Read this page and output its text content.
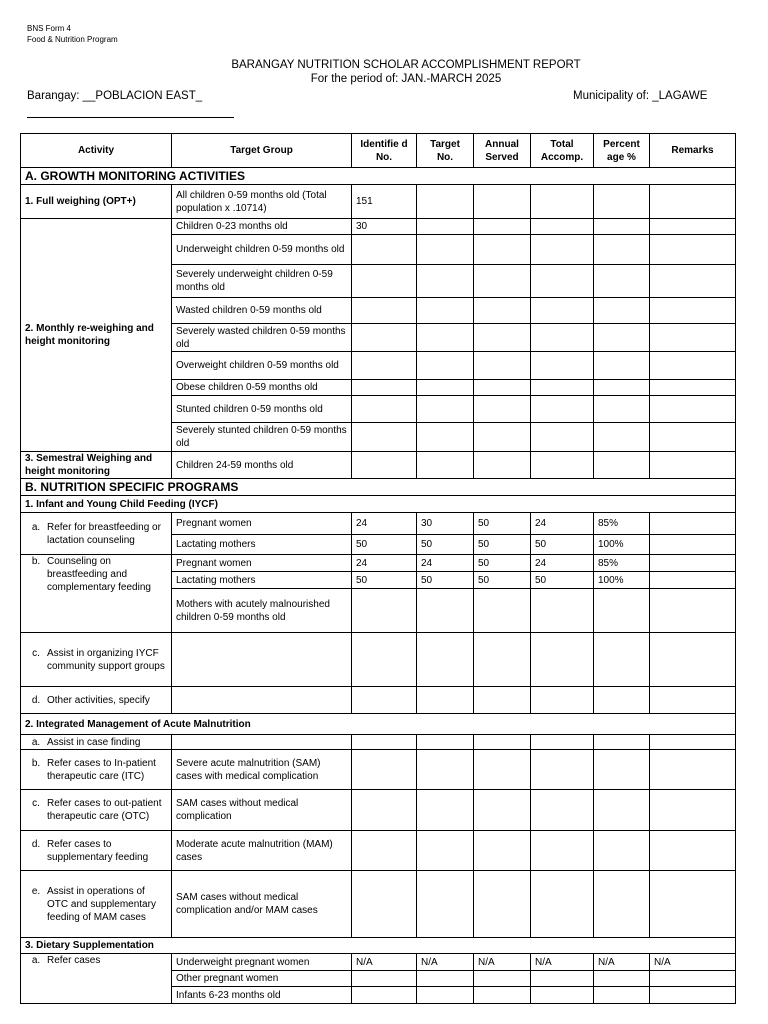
BNS Form 4
Food & Nutrition Program
BARANGAY NUTRITION SCHOLAR ACCOMPLISHMENT REPORT
For the period of: JAN.-MARCH 2025
Barangay: __POBLACION EAST_	Municipality of: _LAGAWE
Activity	Target Group	Identifie d No.	Target No.	Annual Served	Total Accomp.	Percent age %	Remarks
A. GROWTH MONITORING ACTIVITIES							
1. Full weighing (OPT+)	All children 0-59 months old (Total population x .10714)	151					
2. Monthly re-weighing and height monitoring	Children 0-23 months old	30					
	Underweight children 0-59 months old						
	Severely underweight children 0-59 months old						
	Wasted children 0-59 months old						
	Severely wasted children 0-59 months old						
	Overweight children 0-59 months old						
	Obese children 0-59 months old						
	Stunted children 0-59 months old						
	Severely stunted children 0-59 months old						
3. Semestral Weighing and height monitoring	Children 24-59 months old						
B. NUTRITION SPECIFIC PROGRAMS							
1. Infant and Young Child Feeding (IYCF)							

a. Refer for breastfeeding or lactation counseling	Pregnant women	24	30	50	24	85%	
	Lactating mothers	50	50	50	50	100%	

b. Counseling on breastfeeding and complementary feeding	Pregnant women	24	24	50	24	85%	
	Lactating mothers	50	50	50	50	100%	
	Mothers with acutely malnourished children 0-59 months old						

c. Assist in organizing IYCF community support groups							

d. Other activities, specify							

2. Integrated Management of Acute Malnutrition							

a. Assist in case finding							

b. Refer cases to In-patient therapeutic care (ITC)	Severe acute malnutrition (SAM) cases with medical complication						

c. Refer cases to out-patient therapeutic care (OTC)	SAM cases without medical complication						

d. Refer cases to supplementary feeding	Moderate acute malnutrition (MAM) cases						

e. Assist in operations of OTC and supplementary feeding of MAM cases	SAM cases without medical complication and/or MAM cases						
3. Dietary Supplementation							

a. Refer cases	Underweight pregnant women	N/A	N/A	N/A	N/A	N/A	N/A
	Other pregnant women						
	Infants 6-23 months old						
